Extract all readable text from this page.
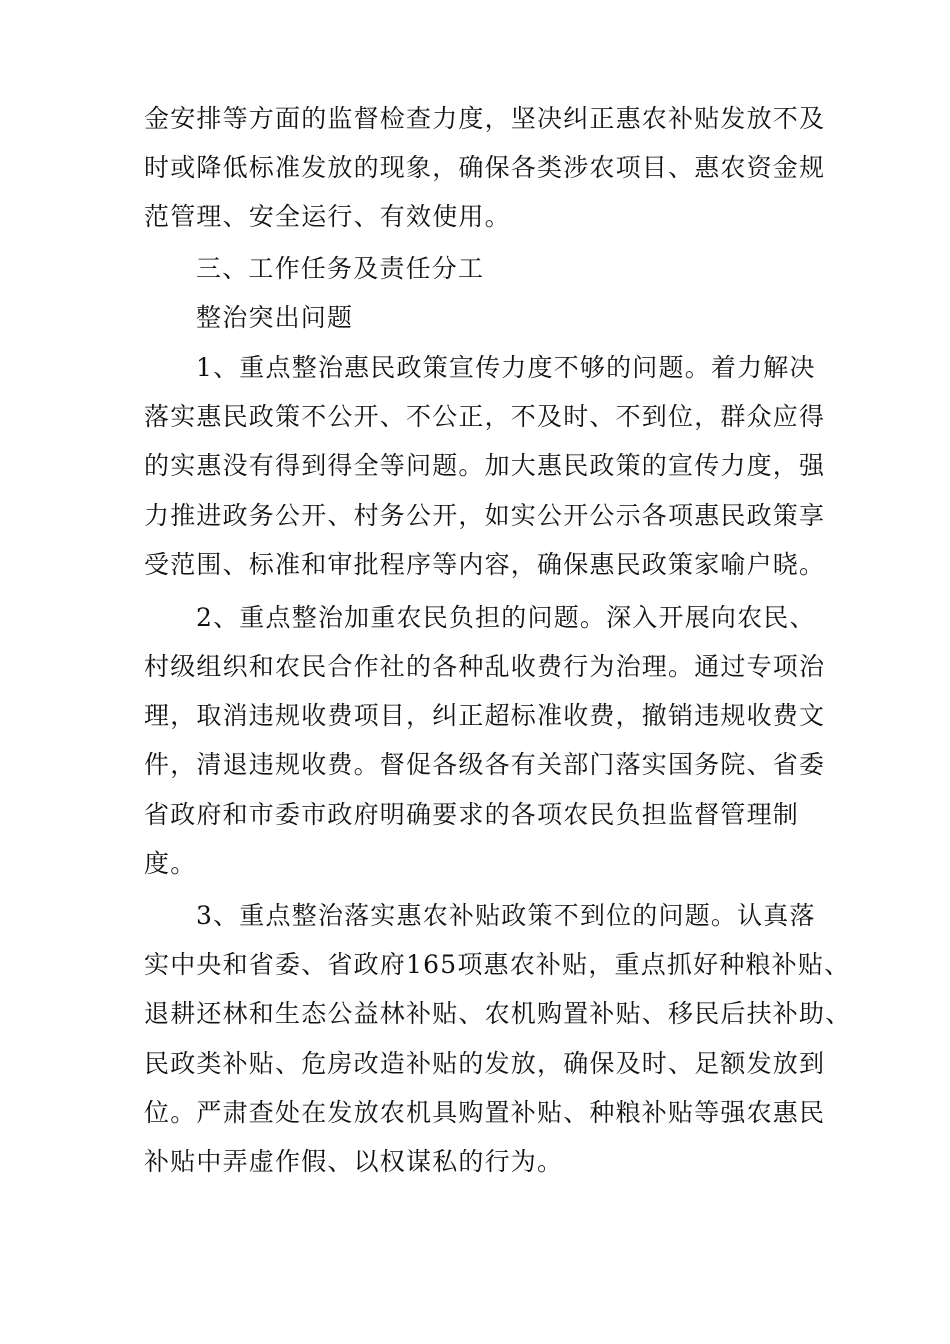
金安排等方面的监督检查力度，坚决纠正惠农补贴发放不及
时或降低标准发放的现象，确保各类涉农项目、惠农资金规
范管理、安全运行、有效使用。
三、工作任务及责任分工
整治突出问题
1、重点整治惠民政策宣传力度不够的问题。着力解决
落实惠民政策不公开、不公正，不及时、不到位，群众应得
的实惠没有得到得全等问题。加大惠民政策的宣传力度，强
力推进政务公开、村务公开，如实公开公示各项惠民政策享
受范围、标准和审批程序等内容，确保惠民政策家喻户晓。
2、重点整治加重农民负担的问题。深入开展向农民、
村级组织和农民合作社的各种乱收费行为治理。通过专项治
理，取消违规收费项目，纠正超标准收费，撤销违规收费文
件，清退违规收费。督促各级各有关部门落实国务院、省委
省政府和市委市政府明确要求的各项农民负担监督管理制
度。
3、重点整治落实惠农补贴政策不到位的问题。认真落
实中央和省委、省政府165项惠农补贴，重点抓好种粮补贴、
退耕还林和生态公益林补贴、农机购置补贴、移民后扶补助、
民政类补贴、危房改造补贴的发放，确保及时、足额发放到
位。严肃查处在发放农机具购置补贴、种粮补贴等强农惠民
补贴中弄虚作假、以权谋私的行为。
